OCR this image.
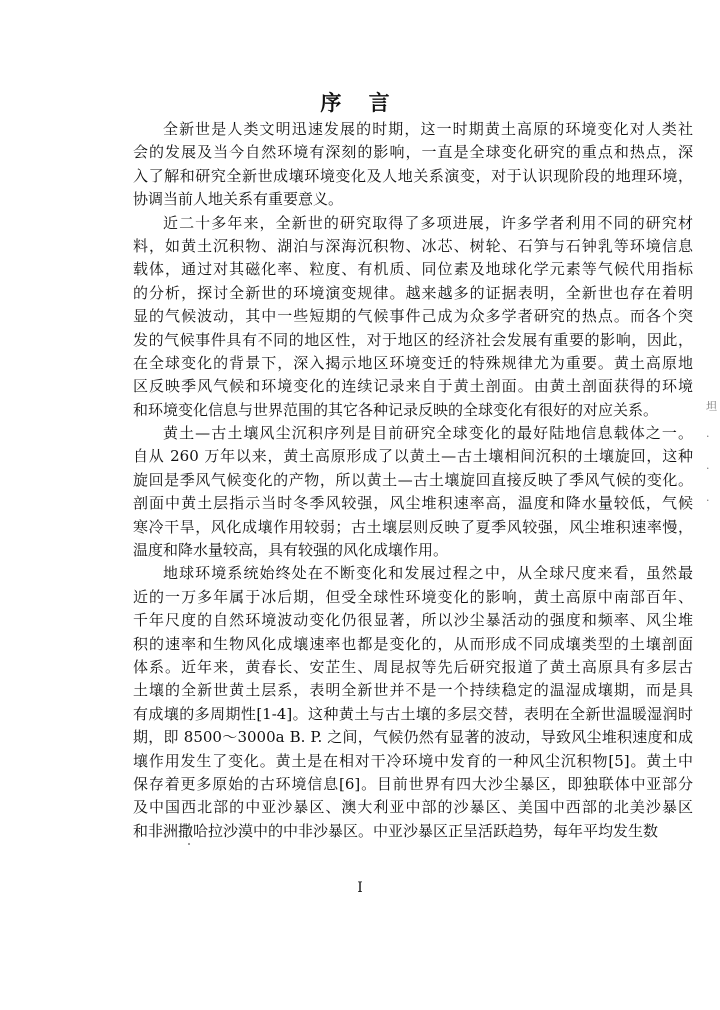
序 言
全新世是人类文明迅速发展的时期，这一时期黄土高原的环境变化对人类社
会的发展及当今自然环境有深刻的影响，一直是全球变化研究的重点和热点，深
入了解和研究全新世成壤环境变化及人地关系演变，对于认识现阶段的地理环境，
协调当前人地关系有重要意义。
近二十多年来，全新世的研究取得了多项进展，许多学者利用不同的研究材
料，如黄土沉积物、湖泊与深海沉积物、冰芯、树轮、石笋与石钟乳等环境信息
载体，通过对其磁化率、粒度、有机质、同位素及地球化学元素等气候代用指标
的分析，探讨全新世的环境演变规律。越来越多的证据表明，全新世也存在着明
显的气候波动，其中一些短期的气候事件己成为众多学者研究的热点。而各个突
发的气候事件具有不同的地区性，对于地区的经济社会发展有重要的影响，因此，
在全球变化的背景下，深入揭示地区环境变迁的特殊规律尤为重要。黄土高原地
区反映季风气候和环境变化的连续记录来自于黄土剖面。由黄土剖面获得的环境
和环境变化信息与世界范围的其它各种记录反映的全球变化有很好的对应关系。
黄土—古土壤风尘沉积序列是目前研究全球变化的最好陆地信息载体之一。
自从 260 万年以来，黄土高原形成了以黄土—古土壤相间沉积的土壤旋回，这种
旋回是季风气候变化的产物，所以黄土—古土壤旋回直接反映了季风气候的变化。
剖面中黄土层指示当时冬季风较强，风尘堆积速率高，温度和降水量较低，气候
寒冷干旱，风化成壤作用较弱；古土壤层则反映了夏季风较强，风尘堆积速率慢，
温度和降水量较高，具有较强的风化成壤作用。
地球环境系统始终处在不断变化和发展过程之中，从全球尺度来看，虽然最
近的一万多年属于冰后期，但受全球性环境变化的影响，黄土高原中南部百年、
千年尺度的自然环境波动变化仍很显著，所以沙尘暴活动的强度和频率、风尘堆
积的速率和生物风化成壤速率也都是变化的，从而形成不同成壤类型的土壤剖面
体系。近年来，黄春长、安芷生、周昆叔等先后研究报道了黄土高原具有多层古
土壤的全新世黄土层系，表明全新世并不是一个持续稳定的温湿成壤期，而是具
有成壤的多周期性[1-4]。这种黄土与古土壤的多层交替，表明在全新世温暖湿润时
期，即 8500～3000a B. P. 之间，气候仍然有显著的波动，导致风尘堆积速度和成
壤作用发生了变化。黄土是在相对干冷环境中发育的一种风尘沉积物[5]。黄土中
保存着更多原始的古环境信息[6]。目前世界有四大沙尘暴区，即独联体中亚部分
及中国西北部的中亚沙暴区、澳大利亚中部的沙暴区、美国中西部的北美沙暴区
和非洲撒哈拉沙漠中的中非沙暴区。中亚沙暴区正呈活跃趋势，每年平均发生数
I
坦
·
·
·
